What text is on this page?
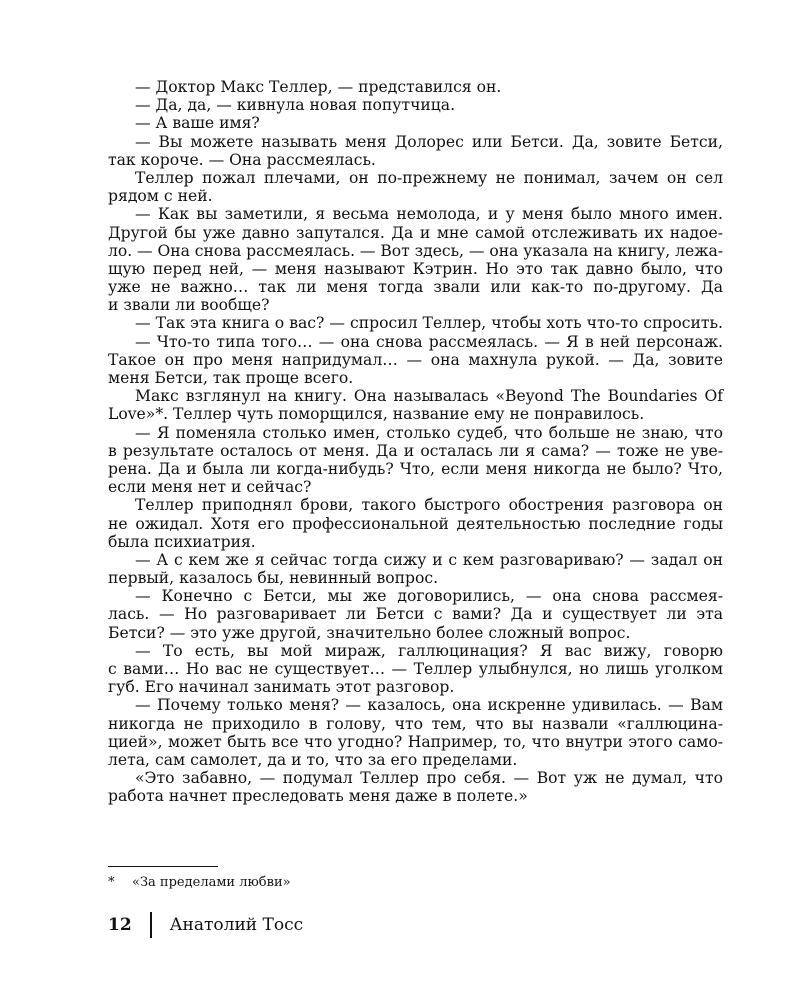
— Доктор Макс Теллер, — представился он.
— Да, да, — кивнула новая попутчица.
— А ваше имя?
— Вы можете называть меня Долорес или Бетси. Да, зовите Бетси,
так короче. — Она рассмеялась.
Теллер пожал плечами, он по-прежнему не понимал, зачем он сел
рядом с ней.
— Как вы заметили, я весьма немолода, и у меня было много имен.
Другой бы уже давно запутался. Да и мне самой отслеживать их надое-
ло. — Она снова рассмеялась. — Вот здесь, — она указала на книгу, лежа-
щую перед ней, — меня называют Кэтрин. Но это так давно было, что
уже не важно… так ли меня тогда звали или как-то по-другому. Да
и звали ли вообще?
— Так эта книга о вас? — спросил Теллер, чтобы хоть что-то спросить.
— Что-то типа того… — она снова рассмеялась. — Я в ней персонаж.
Такое он про меня напридумал… — она махнула рукой. — Да, зовите
меня Бетси, так проще всего.
Макс взглянул на книгу. Она называлась «Beyond The Boundaries Of
Love»*. Теллер чуть поморщился, название ему не понравилось.
— Я поменяла столько имен, столько судеб, что больше не знаю, что
в результате осталось от меня. Да и осталась ли я сама? — тоже не уве-
рена. Да и была ли когда-нибудь? Что, если меня никогда не было? Что,
если меня нет и сейчас?
Теллер приподнял брови, такого быстрого обострения разговора он
не ожидал. Хотя его профессиональной деятельностью последние годы
была психиатрия.
— А с кем же я сейчас тогда сижу и с кем разговариваю? — задал он
первый, казалось бы, невинный вопрос.
— Конечно с Бетси, мы же договорились, — она снова рассмея-
лась. — Но разговаривает ли Бетси с вами? Да и существует ли эта
Бетси? — это уже другой, значительно более сложный вопрос.
— То есть, вы мой мираж, галлюцинация? Я вас вижу, говорю
с вами… Но вас не существует… — Теллер улыбнулся, но лишь уголком
губ. Его начинал занимать этот разговор.
— Почему только меня? — казалось, она искренне удивилась. — Вам
никогда не приходило в голову, что тем, что вы назвали «галлюцина-
цией», может быть все что угодно? Например, то, что внутри этого само-
лета, сам самолет, да и то, что за его пределами.
«Это забавно, — подумал Теллер про себя. — Вот уж не думал, что
работа начнет преследовать меня даже в полете.»
* «За пределами любви»
12 Анатолий Тосс
